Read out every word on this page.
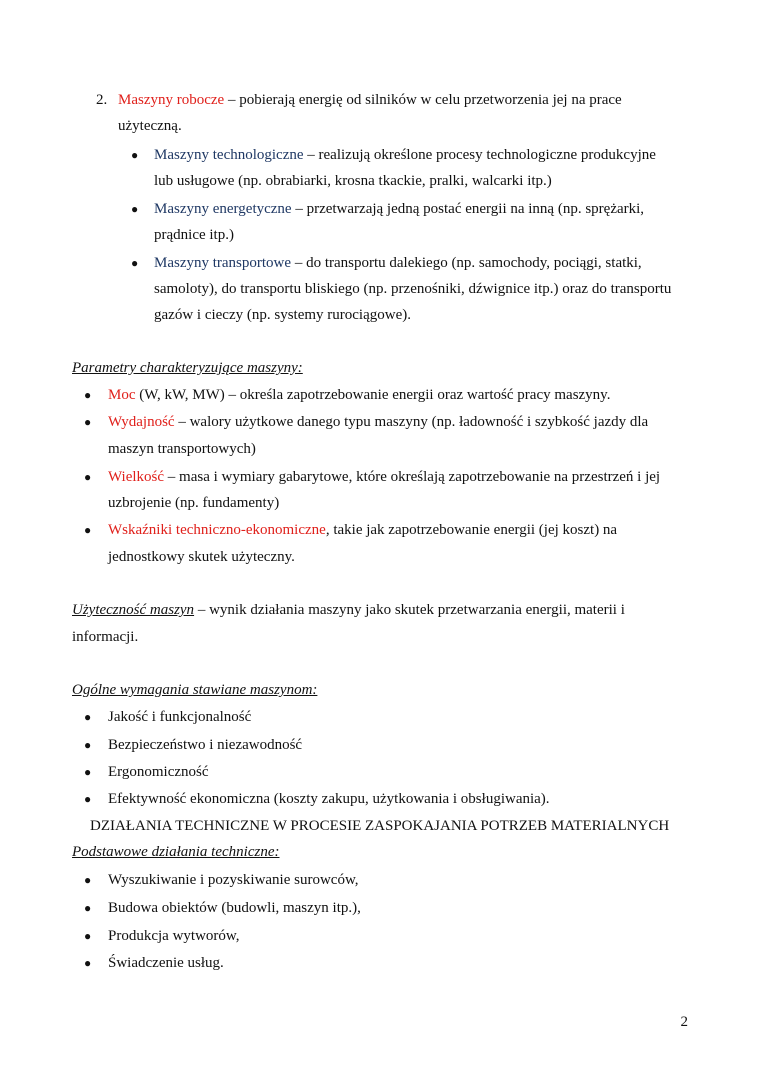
2. Maszyny robocze – pobierają energię od silników w celu przetworzenia jej na prace
użyteczną.
● Maszyny technologiczne – realizują określone procesy technologiczne produkcyjne
lub usługowe (np. obrabiarki, krosna tkackie, pralki, walcarki itp.)
● Maszyny energetyczne – przetwarzają jedną postać energii na inną (np. sprężarki,
prądnice itp.)
● Maszyny transportowe – do transportu dalekiego (np. samochody, pociągi, statki,
samoloty), do transportu bliskiego (np. przenośniki, dźwignice itp.) oraz do transportu
gazów i cieczy (np. systemy rurociągowe).
Parametry charakteryzujące maszyny:
● Moc (W, kW, MW) – określa zapotrzebowanie energii oraz wartość pracy maszyny.
● Wydajność – walory użytkowe danego typu maszyny (np. ładowność i szybkość jazdy dla
maszyn transportowych)
● Wielkość – masa i wymiary gabarytowe, które określają zapotrzebowanie na przestrzeń i jej
uzbrojenie (np. fundamenty)
● Wskaźniki techniczno-ekonomiczne, takie jak zapotrzebowanie energii (jej koszt) na
jednostkowy skutek użyteczny.
Użyteczność maszyn – wynik działania maszyny jako skutek przetwarzania energii, materii i
informacji.
Ogólne wymagania stawiane maszynom:
● Jakość i funkcjonalność
● Bezpieczeństwo i niezawodność
● Ergonomiczność
● Efektywność ekonomiczna (koszty zakupu, użytkowania i obsługiwania).
DZIAŁANIA TECHNICZNE W PROCESIE ZASPOKAJANIA POTRZEB MATERIALNYCH
Podstawowe działania techniczne:
● Wyszukiwanie i pozyskiwanie surowców,
● Budowa obiektów (budowli, maszyn itp.),
● Produkcja wytworów,
● Świadczenie usług.
2
